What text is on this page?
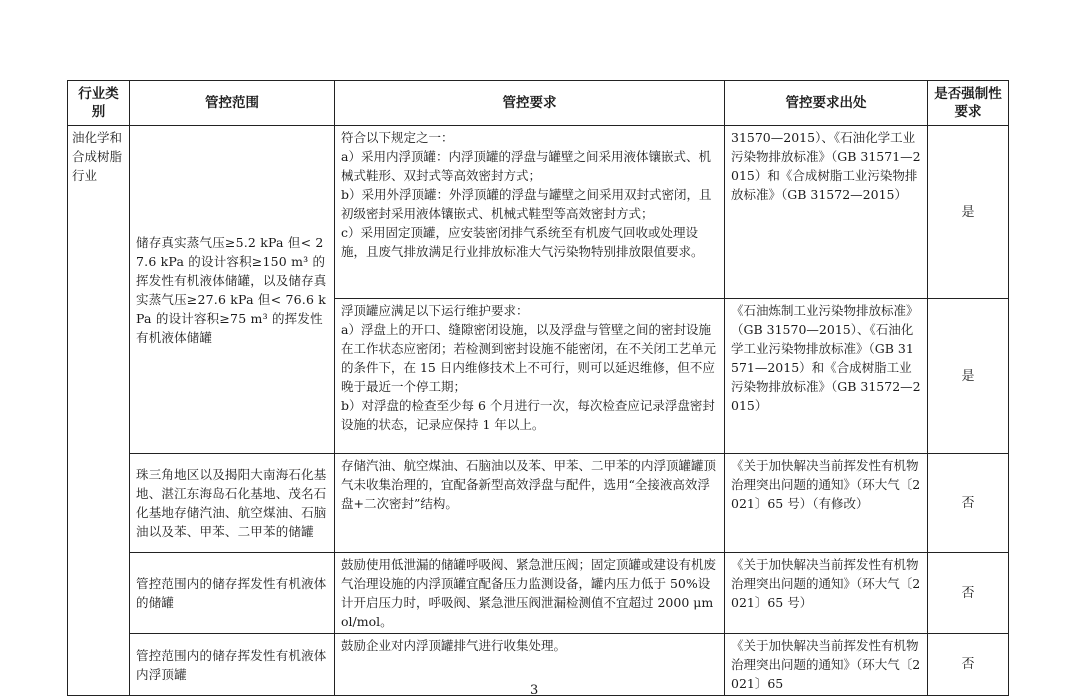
行业类别	管控范围	管控要求	管控要求出处	是否强制性要求
油化学和合成树脂行业	储存真实蒸气压≥5.2 kPa 但< 27.6 kPa 的设计容积≥150 m³ 的挥发性有机液体储罐，以及储存真实蒸气压≥27.6 kPa 但< 76.6 kPa 的设计容积≥75 m³ 的挥发性有机液体储罐	符合以下规定之一：
a）采用内浮顶罐：内浮顶罐的浮盘与罐壁之间采用液体镶嵌式、机械式鞋形、双封式等高效密封方式；
b）采用外浮顶罐：外浮顶罐的浮盘与罐壁之间采用双封式密闭，且初级密封采用液体镶嵌式、机械式鞋型等高效密封方式；
c）采用固定顶罐，应安装密闭排气系统至有机废气回收或处理设施，且废气排放满足行业排放标准大气污染物特别排放限值要求。	31570—2015）、《石油化学工业污染物排放标准》（GB 31571—2015）和《合成树脂工业污染物排放标准》（GB 31572—2015）	是

		浮顶罐应满足以下运行维护要求：
a）浮盘上的开口、缝隙密闭设施，以及浮盘与管壁之间的密封设施在工作状态应密闭；若检测到密封设施不能密闭，在不关闭工艺单元的条件下，在 15 日内维修技术上不可行，则可以延迟维修，但不应晚于最近一个停工期；
b）对浮盘的检查至少每 6 个月进行一次，每次检查应记录浮盘密封设施的状态，记录应保持 1 年以上。	《石油炼制工业污染物排放标准》（GB 31570—2015）、《石油化学工业污染物排放标准》（GB 31571—2015）和《合成树脂工业污染物排放标准》（GB 31572—2015）	是
	珠三角地区以及揭阳大南海石化基地、湛江东海岛石化基地、茂名石化基地存储汽油、航空煤油、石脑油以及苯、甲苯、二甲苯的储罐	存储汽油、航空煤油、石脑油以及苯、甲苯、二甲苯的内浮顶罐罐顶气未收集治理的，宜配备新型高效浮盘与配件，选用“全接液高效浮盘+二次密封”结构。	《关于加快解决当前挥发性有机物治理突出问题的通知》（环大气〔2021〕65 号）（有修改）	否
	管控范围内的储存挥发性有机液体的储罐	鼓励使用低泄漏的储罐呼吸阀、紧急泄压阀；固定顶罐或建设有机废气治理设施的内浮顶罐宜配备压力监测设备，罐内压力低于 50%设计开启压力时，呼吸阀、紧急泄压阀泄漏检测值不宜超过 2000 μmol/mol。	《关于加快解决当前挥发性有机物治理突出问题的通知》（环大气〔2021〕65 号）	否
	管控范围内的储存挥发性有机液体内浮顶罐	鼓励企业对内浮顶罐排气进行收集处理。	《关于加快解决当前挥发性有机物治理突出问题的通知》（环大气〔2021〕65	否
3
